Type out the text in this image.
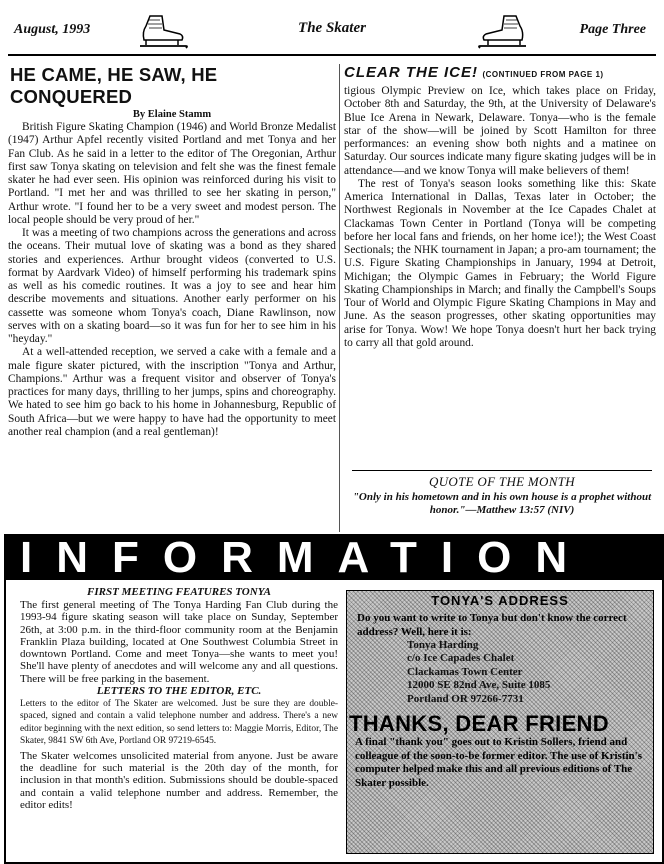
August, 1993	The Skater	Page Three
HE CAME, HE SAW, HE CONQUERED
By Elaine Stamm

British Figure Skating Champion (1946) and World Bronze Medalist (1947) Arthur Apfel recently visited Portland and met Tonya and her Fan Club. As he said in a letter to the editor of The Oregonian, Arthur first saw Tonya skating on television and felt she was the finest female skater he had ever seen. His opinion was reinforced during his visit to Portland. "I met her and was thrilled to see her skating in person," Arthur wrote. "I found her to be a very sweet and modest person. The local people should be very proud of her."

It was a meeting of two champions across the generations and across the oceans. Their mutual love of skating was a bond as they shared stories and experiences. Arthur brought videos (converted to U.S. format by Aardvark Video) of himself performing his trademark spins as well as his comedic routines. It was a joy to see and hear him describe movements and situations. Another early performer on his cassette was someone whom Tonya's coach, Diane Rawlinson, now serves with on a skating board—so it was fun for her to see him in his "heyday."

At a well-attended reception, we served a cake with a female and a male figure skater pictured, with the inscription "Tonya and Arthur, Champions." Arthur was a frequent visitor and observer of Tonya's practices for many days, thrilling to her jumps, spins and choreography. We hated to see him go back to his home in Johannesburg, Republic of South Africa—but we were happy to have had the opportunity to meet another real champion (and a real gentleman)!

CLEAR THE ICE! (CONTINUED FROM PAGE 1)

tigious Olympic Preview on Ice, which takes place on Friday, October 8th and Saturday, the 9th, at the University of Delaware's Blue Ice Arena in Newark, Delaware. Tonya—who is the female star of the show—will be joined by Scott Hamilton for three performances: an evening show both nights and a matinee on Saturday. Our sources indicate many figure skating judges will be in attendance—and we know Tonya will make believers of them!

The rest of Tonya's season looks something like this: Skate America International in Dallas, Texas later in October; the Northwest Regionals in November at the Ice Capades Chalet at Clackamas Town Center in Portland (Tonya will be competing before her local fans and friends, on her home ice!); the West Coast Sectionals; the NHK tournament in Japan; a pro-am tournament; the U.S. Figure Skating Championships in January, 1994 at Detroit, Michigan; the Olympic Games in February; the World Figure Skating Championships in March; and finally the Campbell's Soups Tour of World and Olympic Figure Skating Champions in May and June. As the season progresses, other skating opportunities may arise for Tonya. Wow! We hope Tonya doesn't hurt her back trying to carry all that gold around.

QUOTE OF THE MONTH
"Only in his hometown and in his own house is a prophet without honor."—Matthew 13:57 (NIV)
INFORMATION
FIRST MEETING FEATURES TONYA

The first general meeting of The Tonya Harding Fan Club during the 1993-94 figure skating season will take place on Sunday, September 26th, at 3:00 p.m. in the third-floor community room at the Benjamin Franklin Plaza building, located at One Southwest Columbia Street in downtown Portland. Come and meet Tonya—she wants to meet you! She'll have plenty of anecdotes and will welcome any and all questions. There will be free parking in the basement.

LETTERS TO THE EDITOR, ETC.

Letters to the editor of The Skater are welcomed. Just be sure they are double-spaced, signed and contain a valid telephone number and address. There's a new editor beginning with the next edition, so send letters to: Maggie Morris, Editor, The Skater, 9841 SW 6th Ave, Portland OR 97219-6545.

The Skater welcomes unsolicited material from anyone. Just be aware the deadline for such material is the 20th day of the month, for inclusion in that month's edition. Submissions should be double-spaced and contain a valid telephone number and address. Remember, the editor edits!

TONYA'S ADDRESS
Do you want to write to Tonya but don't know the correct address? Well, here it is:
Tonya Harding
c/o Ice Capades Chalet
Clackamas Town Center
12000 SE 82nd Ave, Suite 1085
Portland OR 97266-7731
THANKS, DEAR FRIEND
A final "thank you" goes out to Kristin Sollers, friend and colleague of the soon-to-be former editor. The use of Kristin's computer helped make this and all previous editions of The Skater possible.
